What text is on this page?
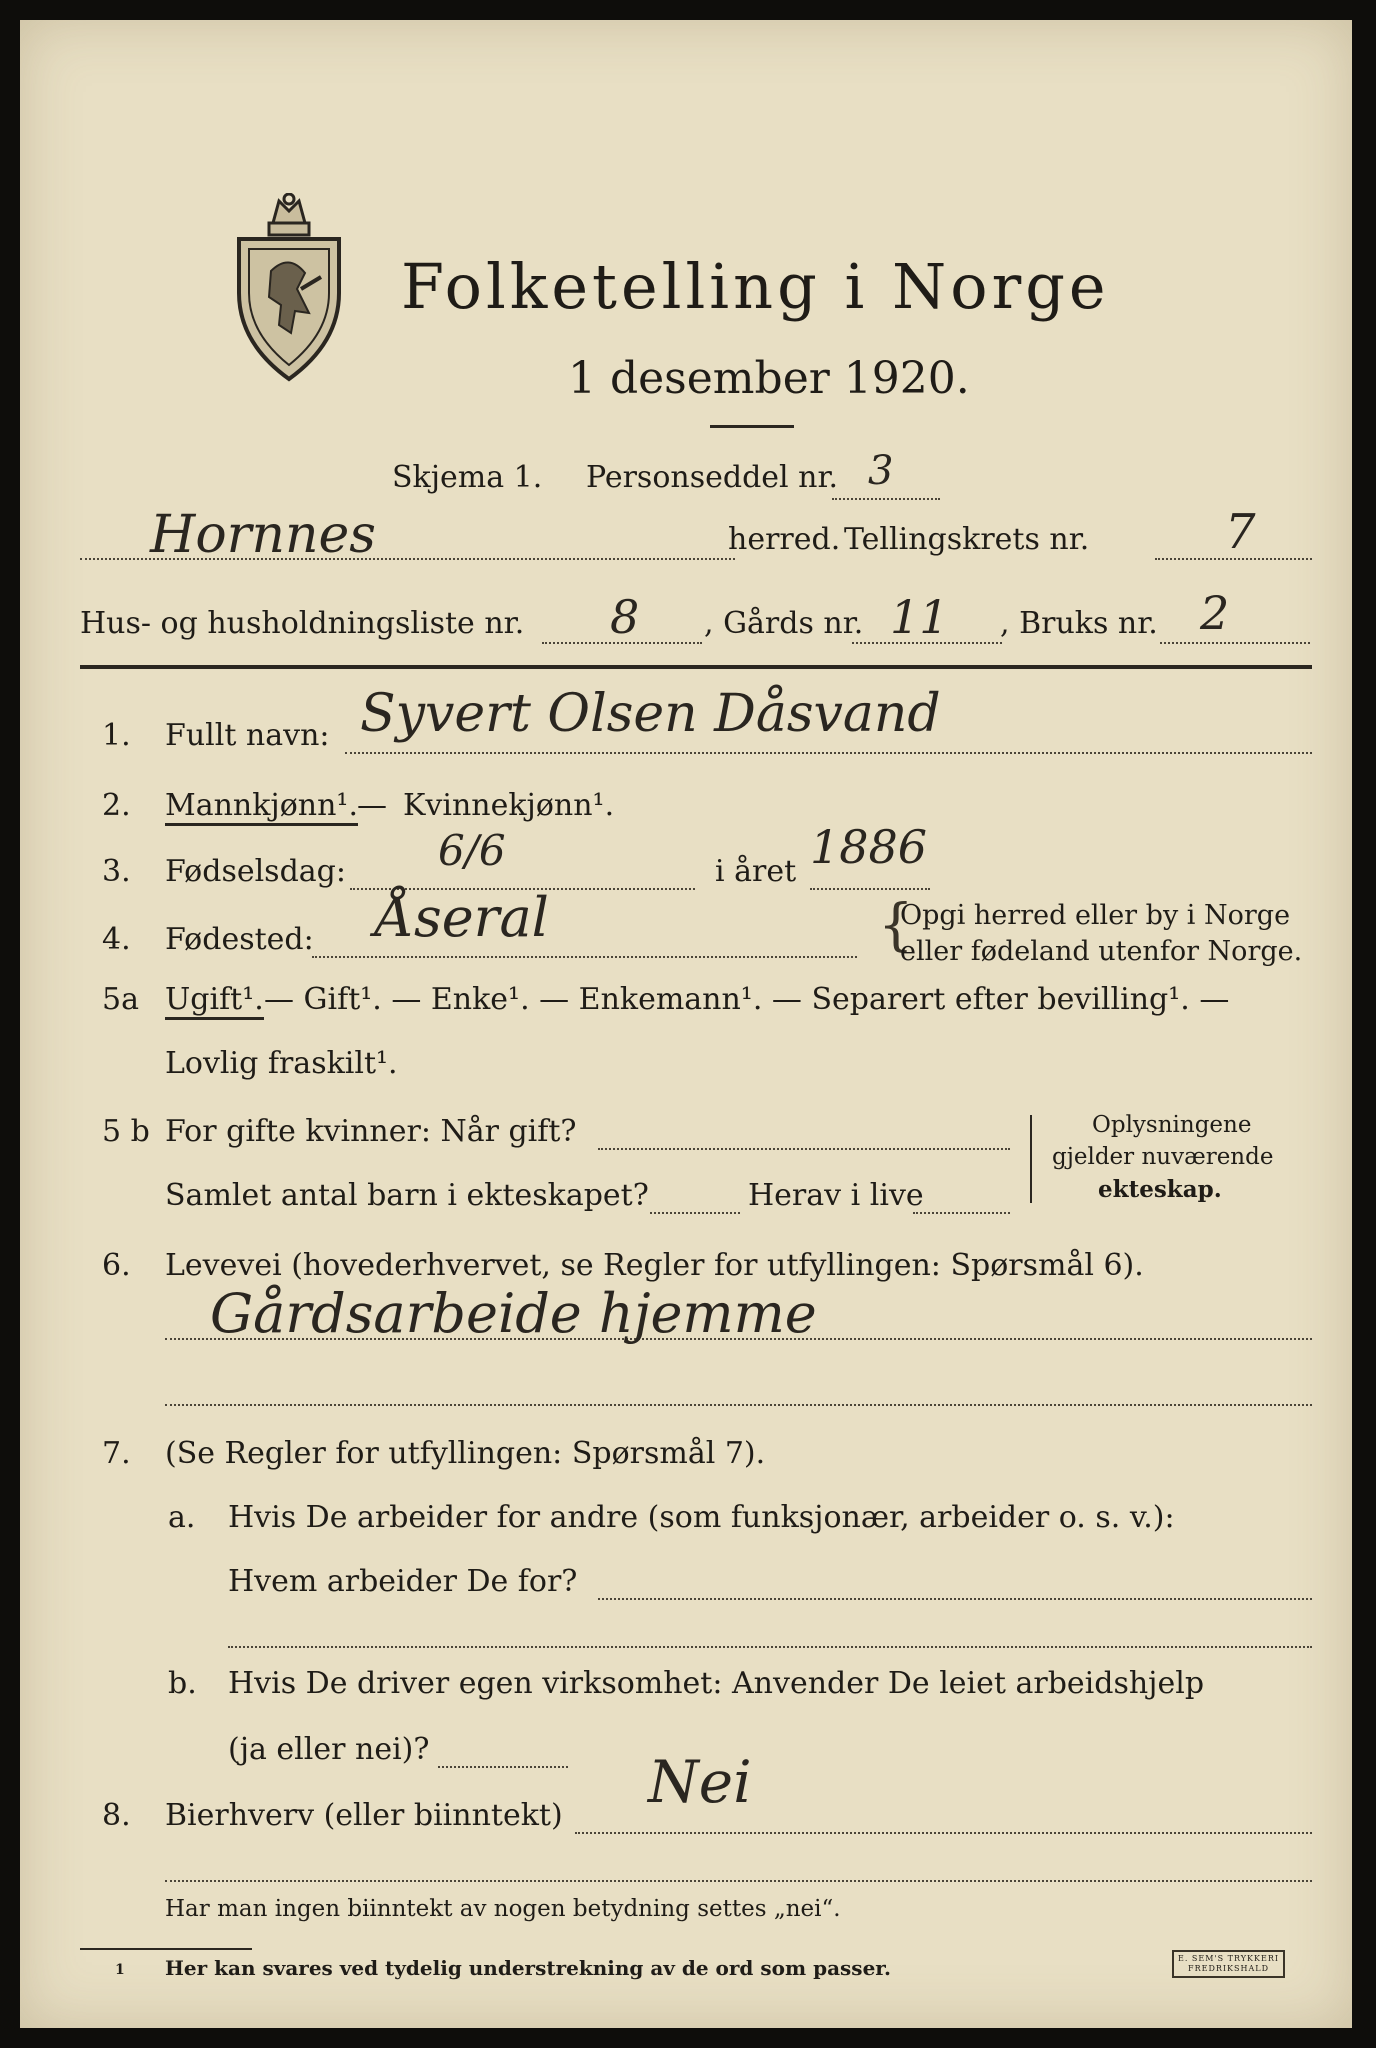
Folketelling i Norge
1 desember 1920.
Skjema 1. Personseddel nr. 3
Hornnes	herred. Tellingskrets nr.	7
Hus- og husholdningsliste nr. 8 , Gårds nr. 11 , Bruks nr. 2
1. Fullt navn: Syvert Olsen Dåsvand
2. Mannkjønn¹. — Kvinnekjønn¹.
3. Fødselsdag: 6/6	i året 1886
4. Fødested: Åseral	{
Opgi herred eller by i Norge
eller fødeland utenfor Norge.
5a Ugift¹. — Gift¹. — Enke¹. — Enkemann¹. — Separert efter bevilling¹. —
Lovlig fraskilt¹.
5 b For gifte kvinner: Når gift?
Samlet antal barn i ekteskapet?	Herav i live
Oplysningene
gjelder nuværende
ekteskap.
6. Levevei (hovederhvervet, se Regler for utfyllingen: Spørsmål 6).
Gårdsarbeide hjemme
7. (Se Regler for utfyllingen: Spørsmål 7).
a. Hvis De arbeider for andre (som funksjonær, arbeider o. s. v.):
Hvem arbeider De for?
b. Hvis De driver egen virksomhet: Anvender De leiet arbeidshjelp
(ja eller nei)?
8. Bierhverv (eller biinntekt) Nei
Har man ingen biinntekt av nogen betydning settes „nei“.
1 Her kan svares ved tydelig understrekning av de ord som passer.	E. SEM'S TRYKKERI
FREDRIKSHALD
